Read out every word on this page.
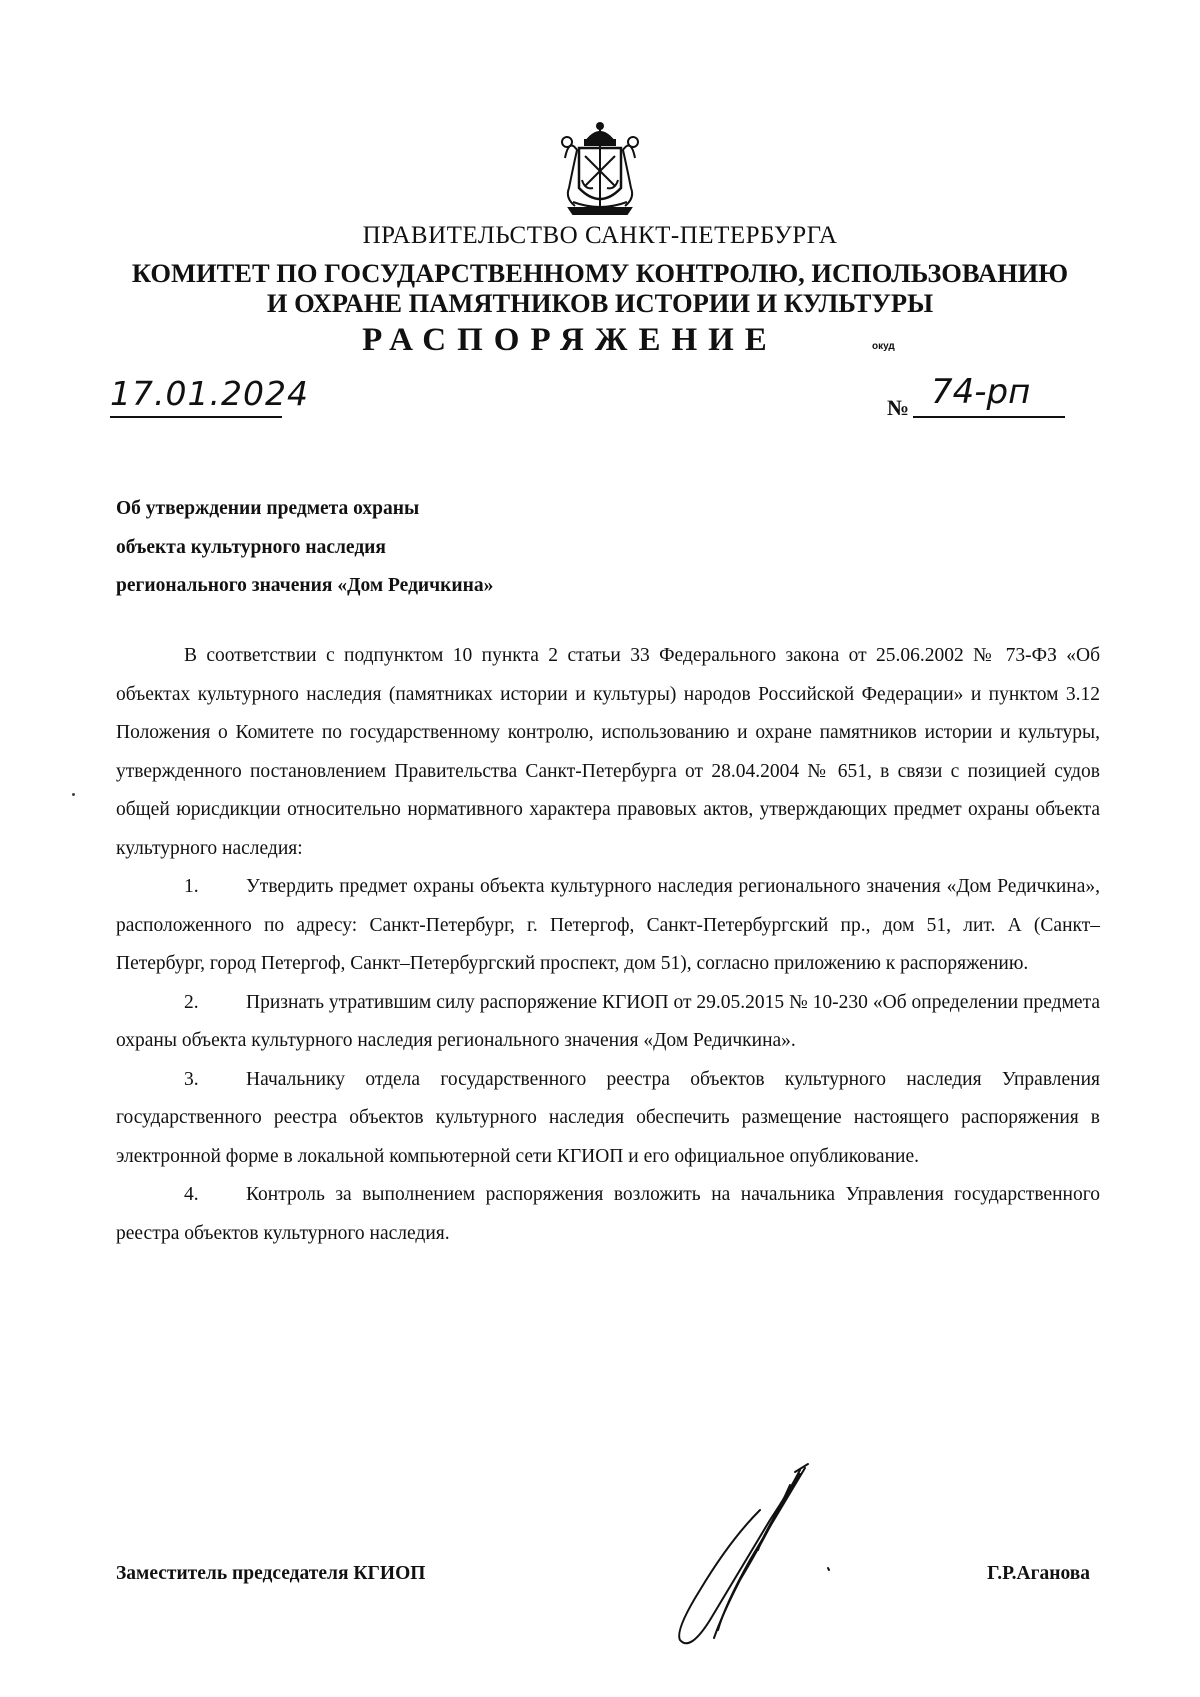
ПРАВИТЕЛЬСТВО САНКТ-ПЕТЕРБУРГА
КОМИТЕТ ПО ГОСУДАРСТВЕННОМУ КОНТРОЛЮ, ИСПОЛЬЗОВАНИЮ
И ОХРАНЕ ПАМЯТНИКОВ ИСТОРИИ И КУЛЬТУРЫ
РАСПОРЯЖЕНИЕ	окуд
17.01.2024	№ 74-рп
Об утверждении предмета охраны
объекта культурного наследия
регионального значения «Дом Редичкина»

В соответствии с подпунктом 10 пункта 2 статьи 33 Федерального закона от 25.06.2002 № 73-ФЗ «Об объектах культурного наследия (памятниках истории и культуры) народов Российской Федерации» и пунктом 3.12 Положения о Комитете по государственному контролю, использованию и охране памятников истории и культуры, утвержденного постановлением Правительства Санкт-Петербурга от 28.04.2004 № 651, в связи с позицией судов общей юрисдикции относительно нормативного характера правовых актов, утверждающих предмет охраны объекта культурного наследия:

1. Утвердить предмет охраны объекта культурного наследия регионального значения «Дом Редичкина», расположенного по адресу: Санкт-Петербург, г. Петергоф, Санкт-Петербургский пр., дом 51, лит. А (Санкт–Петербург, город Петергоф, Санкт–Петербургский проспект, дом 51), согласно приложению к распоряжению.

2. Признать утратившим силу распоряжение КГИОП от 29.05.2015 № 10-230 «Об определении предмета охраны объекта культурного наследия регионального значения «Дом Редичкина».

3. Начальнику отдела государственного реестра объектов культурного наследия Управления государственного реестра объектов культурного наследия обеспечить размещение настоящего распоряжения в электронной форме в локальной компьютерной сети КГИОП и его официальное опубликование.

4. Контроль за выполнением распоряжения возложить на начальника Управления государственного реестра объектов культурного наследия.

Заместитель председателя КГИОП	Г.Р.Аганова
